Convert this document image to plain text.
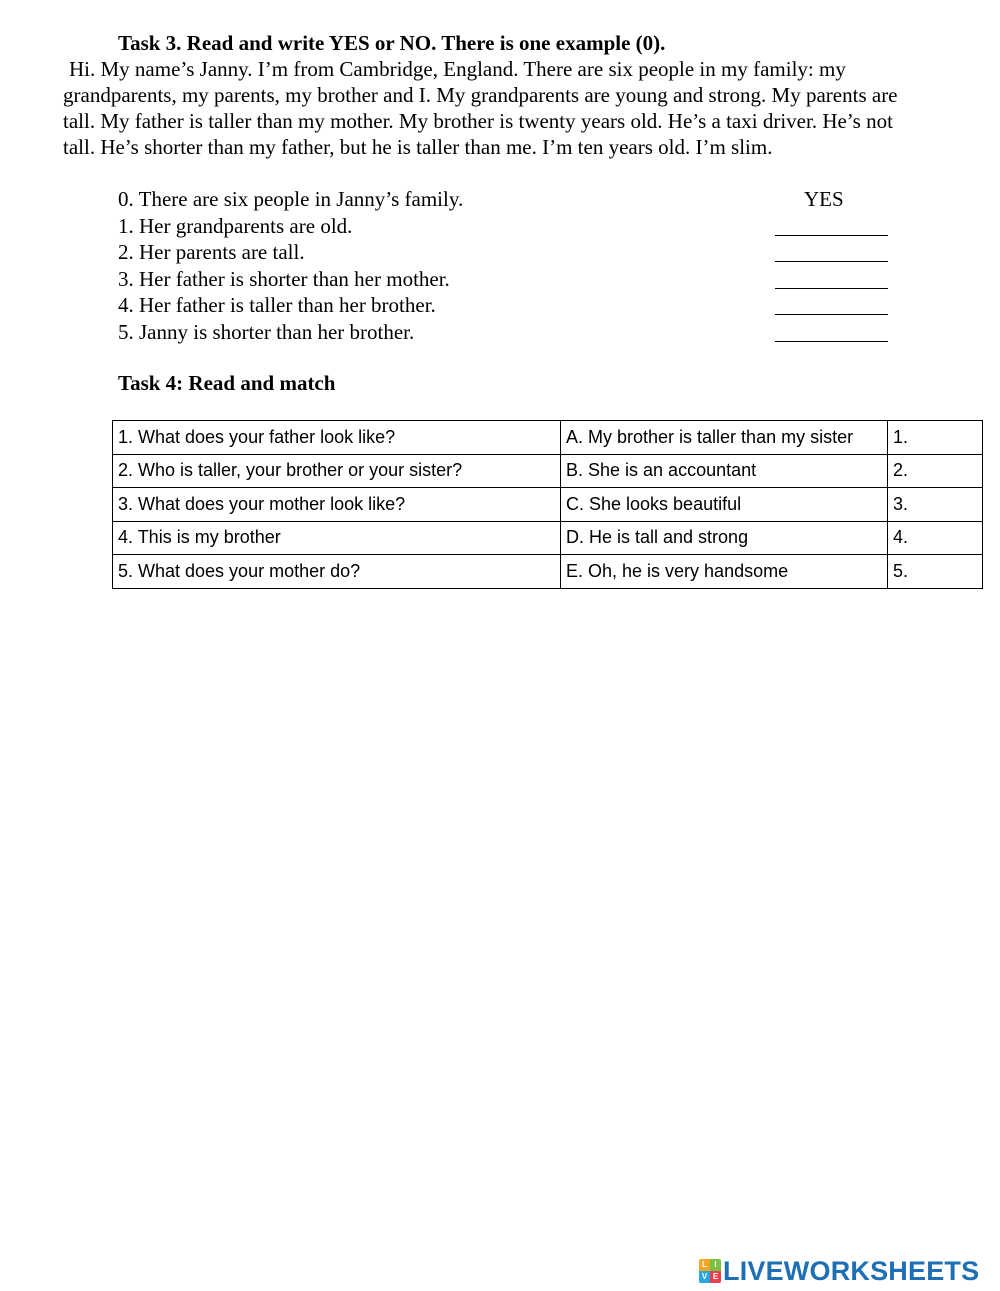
Task 3. Read and write YES or NO. There is one example (0).
Hi. My name’s Janny. I’m from Cambridge, England. There are six people in my family: my
grandparents, my parents, my brother and I. My grandparents are young and strong. My parents are
tall. My father is taller than my mother. My brother is twenty years old. He’s a taxi driver. He’s not
tall. He’s shorter than my father, but he is taller than me. I’m ten years old. I’m slim.
0. There are six people in Janny’s family.	YES
1. Her grandparents are old.
2. Her parents are tall.
3. Her father is shorter than her mother.
4. Her father is taller than her brother.
5. Janny is shorter than her brother.
Task 4: Read and match
1. What does your father look like?	A. My brother is taller than my sister	1.
2. Who is taller, your brother or your sister?	B. She is an accountant	2.
3. What does your mother look like?	C. She looks beautiful	3.
4. This is my brother	D. He is tall and strong	4.
5. What does your mother do?	E. Oh, he is very handsome	5.
L I
V E LIVEWORKSHEETS
